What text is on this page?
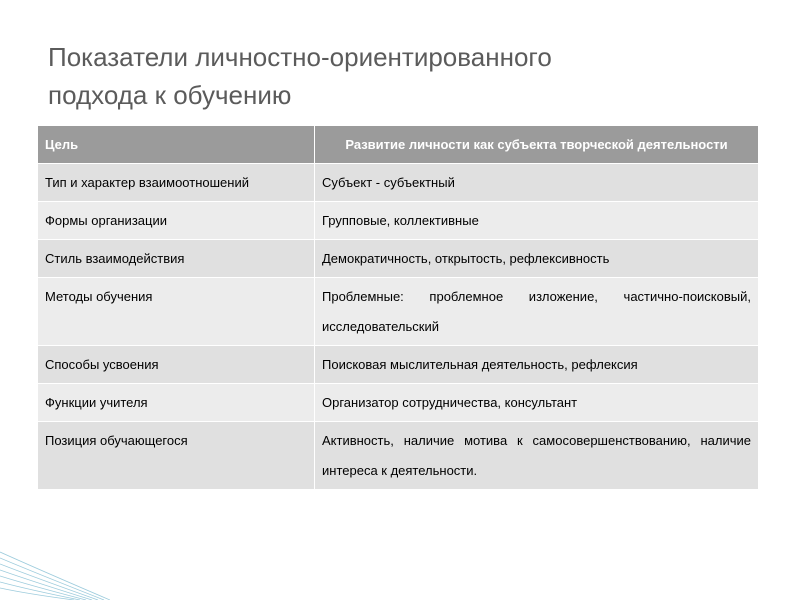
Показатели личностно-ориентированного
подхода к обучению
Цель	Развитие личности как субъекта творческой деятельности
Тип и характер взаимоотношений	Субъект - субъектный
Формы организации	Групповые, коллективные
Стиль взаимодействия	Демократичность, открытость, рефлексивность
Методы обучения	Проблемные: проблемное изложение, частично-поисковый, исследовательский
Способы усвоения	Поисковая мыслительная деятельность, рефлексия
Функции учителя	Организатор сотрудничества, консультант
Позиция обучающегося	Активность, наличие мотива к самосовершенствованию, наличие интереса к деятельности.
